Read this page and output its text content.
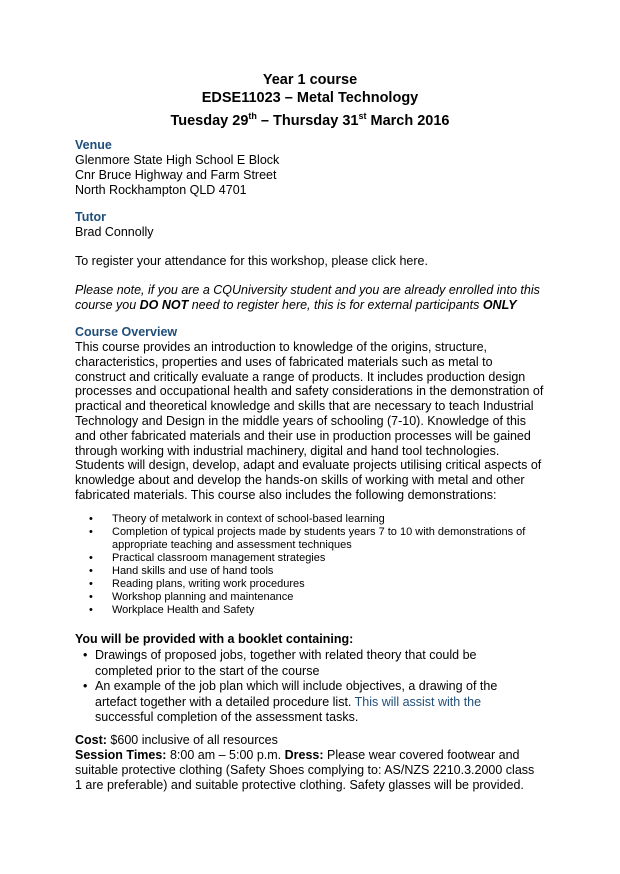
Year 1 course
EDSE11023 – Metal Technology
Tuesday 29th – Thursday 31st March 2016
Venue
Glenmore State High School E Block
Cnr Bruce Highway and Farm Street
North Rockhampton QLD 4701
Tutor
Brad Connolly
To register your attendance for this workshop, please click here.
Please note, if you are a CQUniversity student and you are already enrolled into this
course you DO NOT need to register here, this is for external participants ONLY
Course Overview
This course provides an introduction to knowledge of the origins, structure,
characteristics, properties and uses of fabricated materials such as metal to
construct and critically evaluate a range of products. It includes production design
processes and occupational health and safety considerations in the demonstration of
practical and theoretical knowledge and skills that are necessary to teach Industrial
Technology and Design in the middle years of schooling (7-10). Knowledge of this
and other fabricated materials and their use in production processes will be gained
through working with industrial machinery, digital and hand tool technologies.
Students will design, develop, adapt and evaluate projects utilising critical aspects of
knowledge about and develop the hands-on skills of working with metal and other
fabricated materials. This course also includes the following demonstrations:
• Theory of metalwork in context of school-based learning
• Completion of typical projects made by students years 7 to 10 with demonstrations of
appropriate teaching and assessment techniques
• Practical classroom management strategies
• Hand skills and use of hand tools
• Reading plans, writing work procedures
• Workshop planning and maintenance
• Workplace Health and Safety
You will be provided with a booklet containing:
• Drawings of proposed jobs, together with related theory that could be
completed prior to the start of the course
• An example of the job plan which will include objectives, a drawing of the
artefact together with a detailed procedure list. This will assist with the
successful completion of the assessment tasks.
Cost: $600 inclusive of all resources
Session Times: 8:00 am – 5:00 p.m. Dress: Please wear covered footwear and
suitable protective clothing (Safety Shoes complying to: AS/NZS 2210.3.2000 class
1 are preferable) and suitable protective clothing. Safety glasses will be provided.
